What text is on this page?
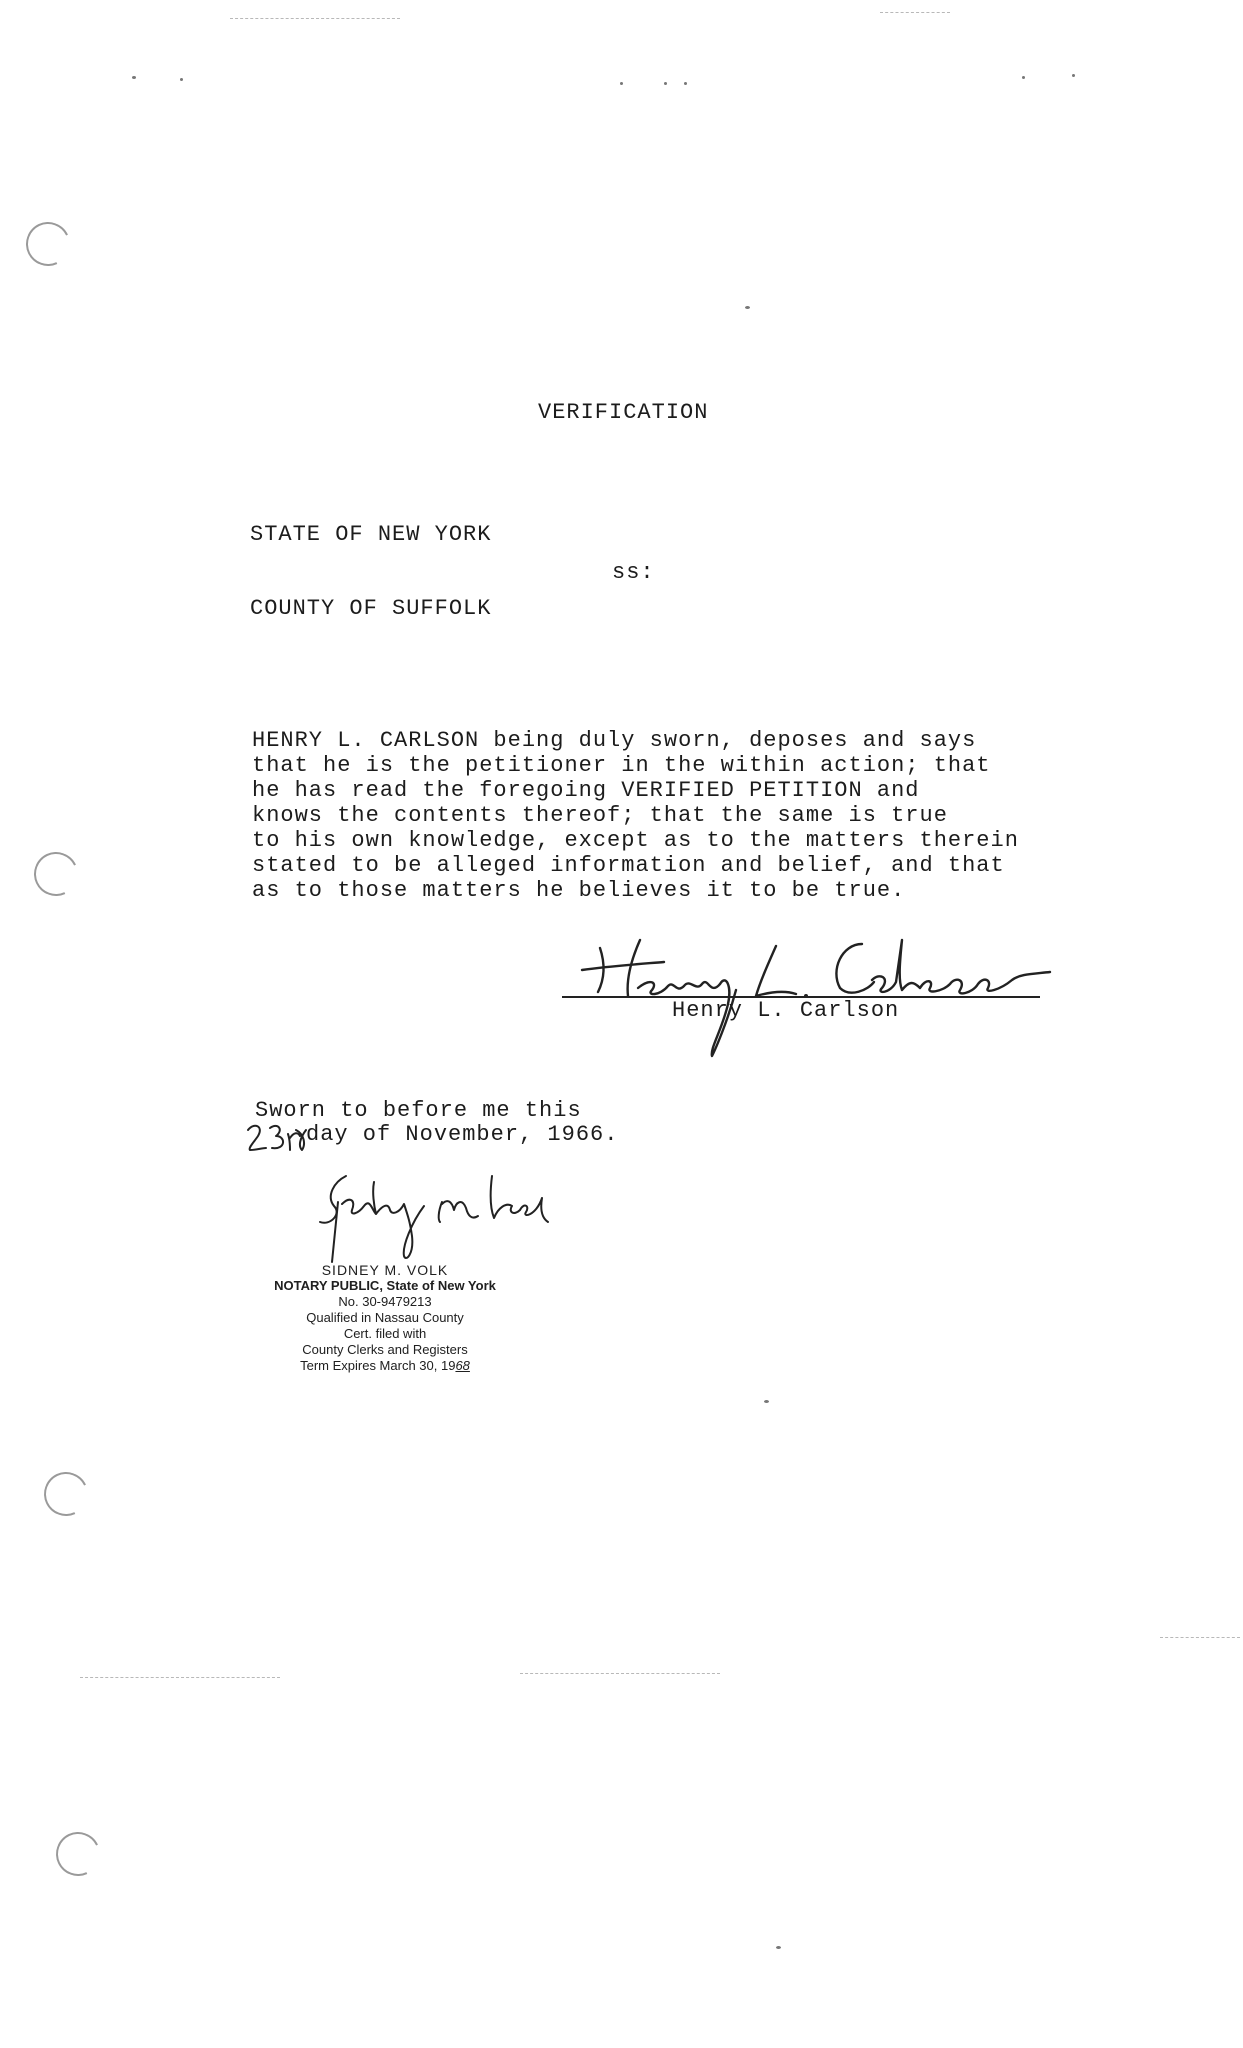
VERIFICATION
STATE OF NEW YORK
ss:
COUNTY OF SUFFOLK
HENRY L. CARLSON being duly sworn, deposes and says
that he is the petitioner in the within action; that
he has read the foregoing VERIFIED PETITION and
knows the contents thereof; that the same is true
to his own knowledge, except as to the matters therein
stated to be alleged information and belief, and that
as to those matters he believes it to be true.
Henry L. Carlson
Sworn to before me this
day of November, 1966.
SIDNEY M. VOLK
NOTARY PUBLIC, State of New York
No. 30-9479213
Qualified in Nassau County
Cert. filed with
County Clerks and Registers
Term Expires March 30, 1968
